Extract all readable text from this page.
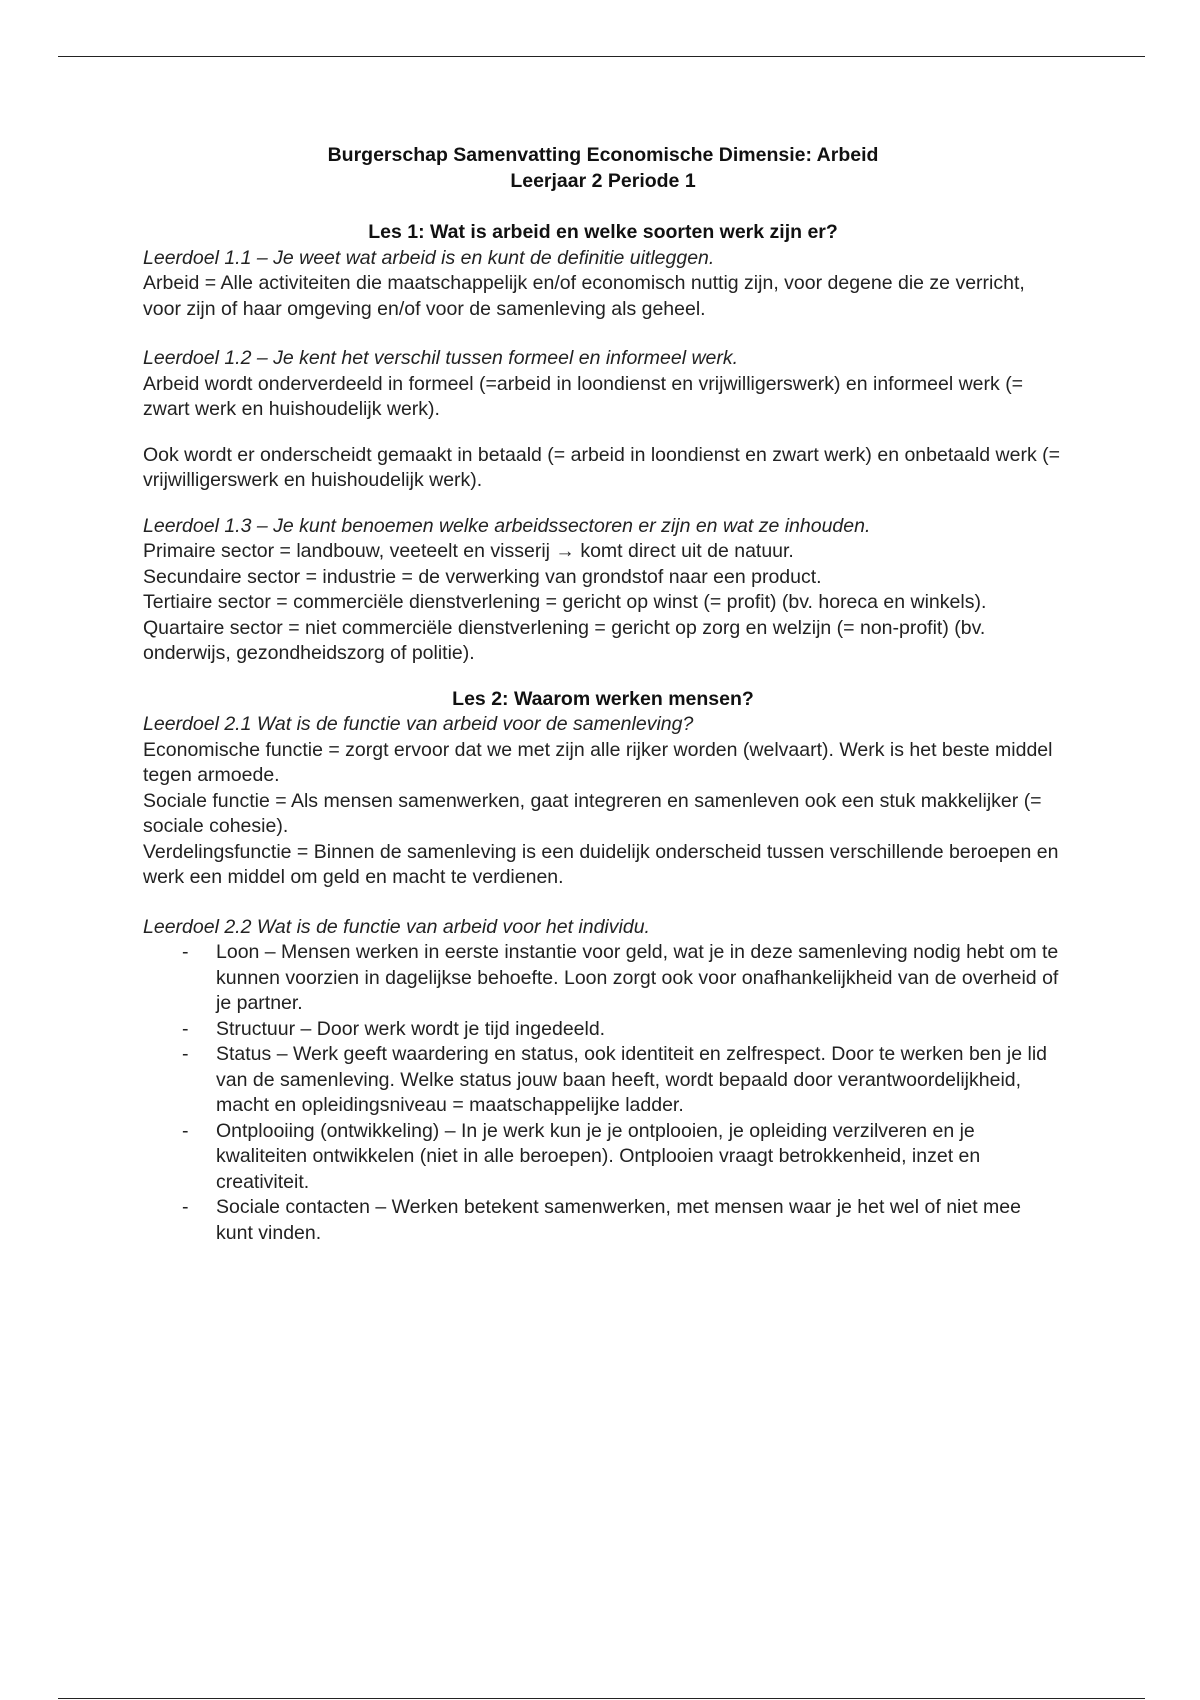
Burgerschap Samenvatting Economische Dimensie: Arbeid
Leerjaar 2 Periode 1
Les 1: Wat is arbeid en welke soorten werk zijn er?

Leerdoel 1.1 – Je weet wat arbeid is en kunt de definitie uitleggen.

Arbeid = Alle activiteiten die maatschappelijk en/of economisch nuttig zijn, voor degene die ze verricht, voor zijn of haar omgeving en/of voor de samenleving als geheel.

Leerdoel 1.2 – Je kent het verschil tussen formeel en informeel werk.

Arbeid wordt onderverdeeld in formeel (=arbeid in loondienst en vrijwilligerswerk) en informeel werk (= zwart werk en huishoudelijk werk).

Ook wordt er onderscheidt gemaakt in betaald (= arbeid in loondienst en zwart werk) en onbetaald werk (= vrijwilligerswerk en huishoudelijk werk).

Leerdoel 1.3 – Je kunt benoemen welke arbeidssectoren er zijn en wat ze inhouden.

Primaire sector = landbouw, veeteelt en visserij → komt direct uit de natuur.

Secundaire sector = industrie = de verwerking van grondstof naar een product.

Tertiaire sector = commerciële dienstverlening = gericht op winst (= profit) (bv. horeca en winkels).

Quartaire sector = niet commerciële dienstverlening = gericht op zorg en welzijn (= non-profit) (bv. onderwijs, gezondheidszorg of politie).

Les 2: Waarom werken mensen?

Leerdoel 2.1 Wat is de functie van arbeid voor de samenleving?

Economische functie = zorgt ervoor dat we met zijn alle rijker worden (welvaart). Werk is het beste middel tegen armoede.

Sociale functie = Als mensen samenwerken, gaat integreren en samenleven ook een stuk makkelijker (= sociale cohesie).

Verdelingsfunctie = Binnen de samenleving is een duidelijk onderscheid tussen verschillende beroepen en werk een middel om geld en macht te verdienen.

Leerdoel 2.2 Wat is de functie van arbeid voor het individu.

- Loon – Mensen werken in eerste instantie voor geld, wat je in deze samenleving nodig hebt om te kunnen voorzien in dagelijkse behoefte. Loon zorgt ook voor onafhankelijkheid van de overheid of je partner.
- Structuur – Door werk wordt je tijd ingedeeld.
- Status – Werk geeft waardering en status, ook identiteit en zelfrespect. Door te werken ben je lid van de samenleving. Welke status jouw baan heeft, wordt bepaald door verantwoordelijkheid, macht en opleidingsniveau = maatschappelijke ladder.
- Ontplooiing (ontwikkeling) – In je werk kun je je ontplooien, je opleiding verzilveren en je kwaliteiten ontwikkelen (niet in alle beroepen). Ontplooien vraagt betrokkenheid, inzet en creativiteit.
- Sociale contacten – Werken betekent samenwerken, met mensen waar je het wel of niet mee kunt vinden.
